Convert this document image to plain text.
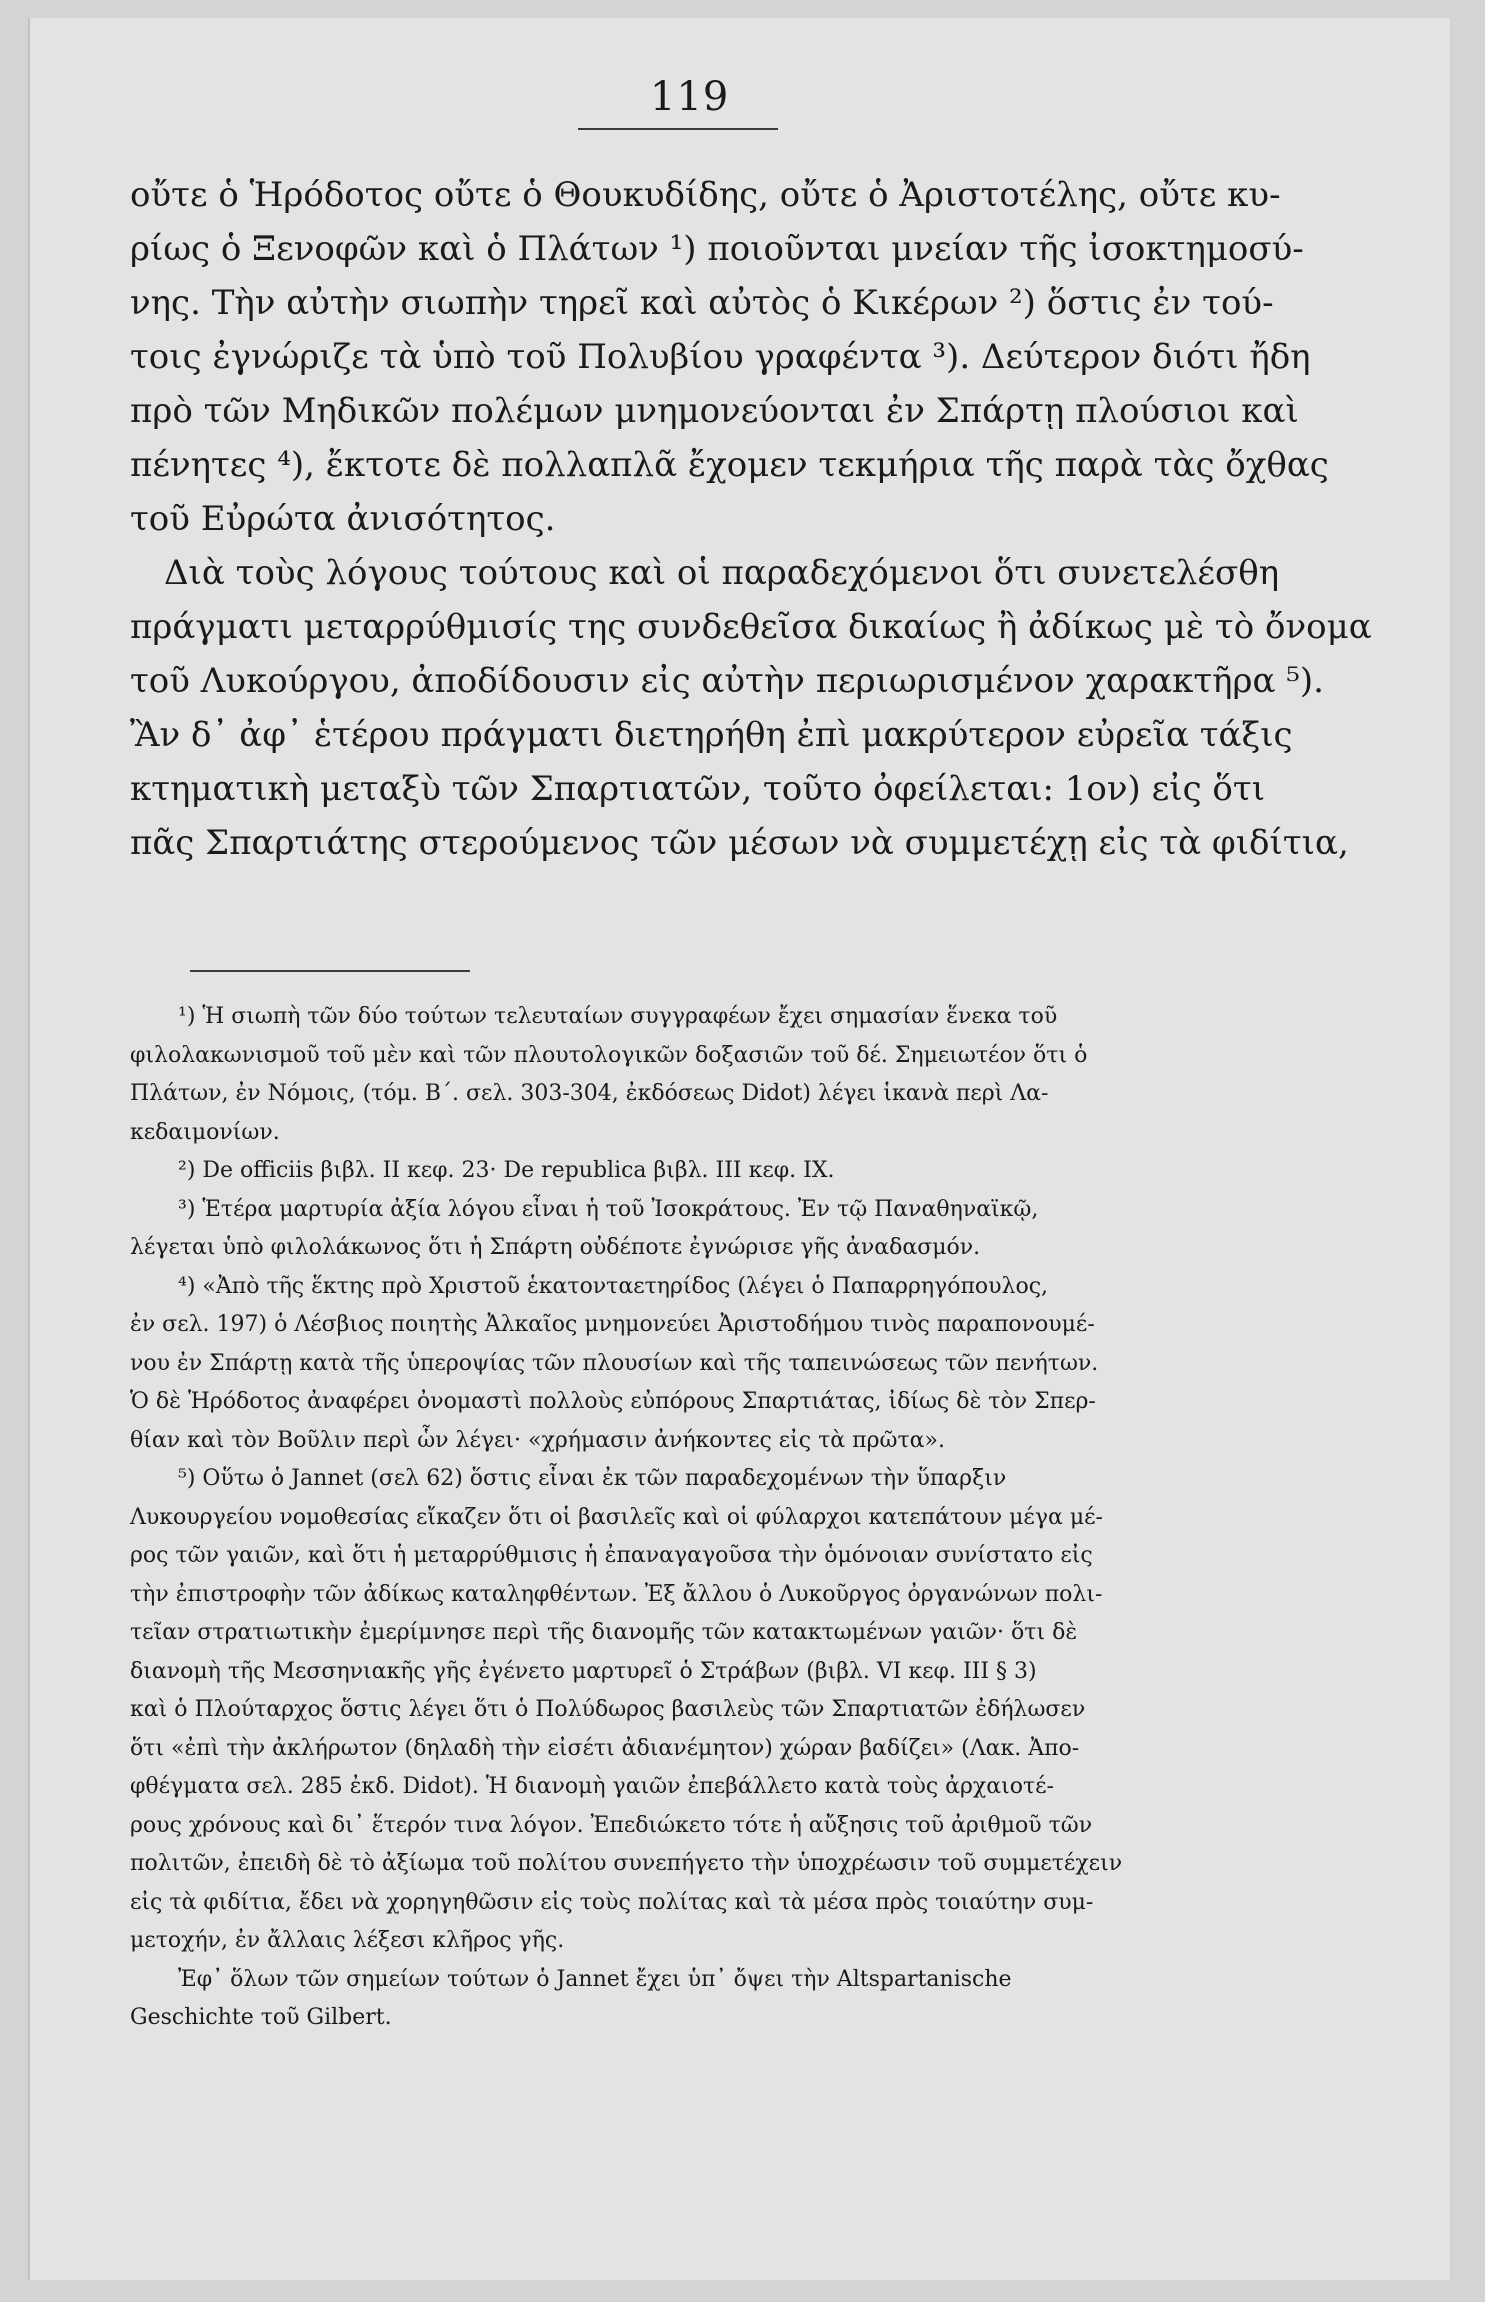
119
οὔτε ὁ Ἡρόδοτος οὔτε ὁ Θουκυδίδης, οὔτε ὁ Ἀριστοτέλης, οὔτε κυ-
ρίως ὁ Ξενοφῶν καὶ ὁ Πλάτων ¹) ποιοῦνται μνείαν τῆς ἰσοκτημοσύ-
νης. Τὴν αὐτὴν σιωπὴν τηρεῖ καὶ αὐτὸς ὁ Κικέρων ²) ὅστις ἐν τού-
τοις ἐγνώριζε τὰ ὑπὸ τοῦ Πολυβίου γραφέντα ³). Δεύτερον διότι ἤδη
πρὸ τῶν Μηδικῶν πολέμων μνημονεύονται ἐν Σπάρτῃ πλούσιοι καὶ
πένητες ⁴), ἔκτοτε δὲ πολλαπλᾶ ἔχομεν τεκμήρια τῆς παρὰ τὰς ὄχθας
τοῦ Εὐρώτα ἀνισότητος.
Διὰ τοὺς λόγους τούτους καὶ οἱ παραδεχόμενοι ὅτι συνετελέσθη
πράγματι μεταρρύθμισίς της συνδεθεῖσα δικαίως ἢ ἀδίκως μὲ τὸ ὄνομα
τοῦ Λυκούργου, ἀποδίδουσιν εἰς αὐτὴν περιωρισμένον χαρακτῆρα ⁵).
Ἂν δ᾽ ἀφ᾽ ἑτέρου πράγματι διετηρήθη ἐπὶ μακρύτερον εὐρεῖα τάξις
κτηματικὴ μεταξὺ τῶν Σπαρτιατῶν, τοῦτο ὀφείλεται: 1ον) εἰς ὅτι
πᾶς Σπαρτιάτης στερούμενος τῶν μέσων νὰ συμμετέχῃ εἰς τὰ φιδίτια,
¹) Ἡ σιωπὴ τῶν δύο τούτων τελευταίων συγγραφέων ἔχει σημασίαν ἕνεκα τοῦ
φιλολακωνισμοῦ τοῦ μὲν καὶ τῶν πλουτολογικῶν δοξασιῶν τοῦ δέ. Σημειωτέον ὅτι ὁ
Πλάτων, ἐν Νόμοις, (τόμ. Β΄. σελ. 303-304, ἐκδόσεως Didot) λέγει ἱκανὰ περὶ Λα-
κεδαιμονίων.
²) De officiis βιβλ. II κεφ. 23· De republica βιβλ. III κεφ. IX.
³) Ἑτέρα μαρτυρία ἀξία λόγου εἶναι ἡ τοῦ Ἰσοκράτους. Ἐν τῷ Παναθηναϊκῷ,
λέγεται ὑπὸ φιλολάκωνος ὅτι ἡ Σπάρτη οὐδέποτε ἐγνώρισε γῆς ἀναδασμόν.
⁴) «Ἀπὸ τῆς ἕκτης πρὸ Χριστοῦ ἑκατονταετηρίδος (λέγει ὁ Παπαρρηγόπουλος,
ἐν σελ. 197) ὁ Λέσβιος ποιητὴς Ἀλκαῖος μνημονεύει Ἀριστοδήμου τινὸς παραπονουμέ-
νου ἐν Σπάρτῃ κατὰ τῆς ὑπεροψίας τῶν πλουσίων καὶ τῆς ταπεινώσεως τῶν πενήτων.
Ὁ δὲ Ἡρόδοτος ἀναφέρει ὀνομαστὶ πολλοὺς εὐπόρους Σπαρτιάτας, ἰδίως δὲ τὸν Σπερ-
θίαν καὶ τὸν Βοῦλιν περὶ ὧν λέγει· «χρήμασιν ἀνήκοντες εἰς τὰ πρῶτα».
⁵) Οὕτω ὁ Jannet (σελ 62) ὅστις εἶναι ἐκ τῶν παραδεχομένων τὴν ὕπαρξιν
Λυκουργείου νομοθεσίας εἴκαζεν ὅτι οἱ βασιλεῖς καὶ οἱ φύλαρχοι κατεπάτουν μέγα μέ-
ρος τῶν γαιῶν, καὶ ὅτι ἡ μεταρρύθμισις ἡ ἐπαναγαγοῦσα τὴν ὁμόνοιαν συνίστατο εἰς
τὴν ἐπιστροφὴν τῶν ἀδίκως καταληφθέντων. Ἐξ ἄλλου ὁ Λυκοῦργος ὀργανώνων πολι-
τεῖαν στρατιωτικὴν ἐμερίμνησε περὶ τῆς διανομῆς τῶν κατακτωμένων γαιῶν· ὅτι δὲ
διανομὴ τῆς Μεσσηνιακῆς γῆς ἐγένετο μαρτυρεῖ ὁ Στράβων (βιβλ. VI κεφ. III § 3)
καὶ ὁ Πλούταρχος ὅστις λέγει ὅτι ὁ Πολύδωρος βασιλεὺς τῶν Σπαρτιατῶν ἐδήλωσεν
ὅτι «ἐπὶ τὴν ἀκλήρωτον (δηλαδὴ τὴν εἰσέτι ἀδιανέμητον) χώραν βαδίζει» (Λακ. Ἀπο-
φθέγματα σελ. 285 ἐκδ. Didot). Ἡ διανομὴ γαιῶν ἐπεβάλλετο κατὰ τοὺς ἀρχαιοτέ-
ρους χρόνους καὶ δι᾽ ἕτερόν τινα λόγον. Ἐπεδιώκετο τότε ἡ αὔξησις τοῦ ἀριθμοῦ τῶν
πολιτῶν, ἐπειδὴ δὲ τὸ ἀξίωμα τοῦ πολίτου συνεπήγετο τὴν ὑποχρέωσιν τοῦ συμμετέχειν
εἰς τὰ φιδίτια, ἔδει νὰ χορηγηθῶσιν εἰς τοὺς πολίτας καὶ τὰ μέσα πρὸς τοιαύτην συμ-
μετοχήν, ἐν ἄλλαις λέξεσι κλῆρος γῆς.
Ἐφ᾽ ὅλων τῶν σημείων τούτων ὁ Jannet ἔχει ὑπ᾽ ὄψει τὴν Altspartanische
Geschichte τοῦ Gilbert.
